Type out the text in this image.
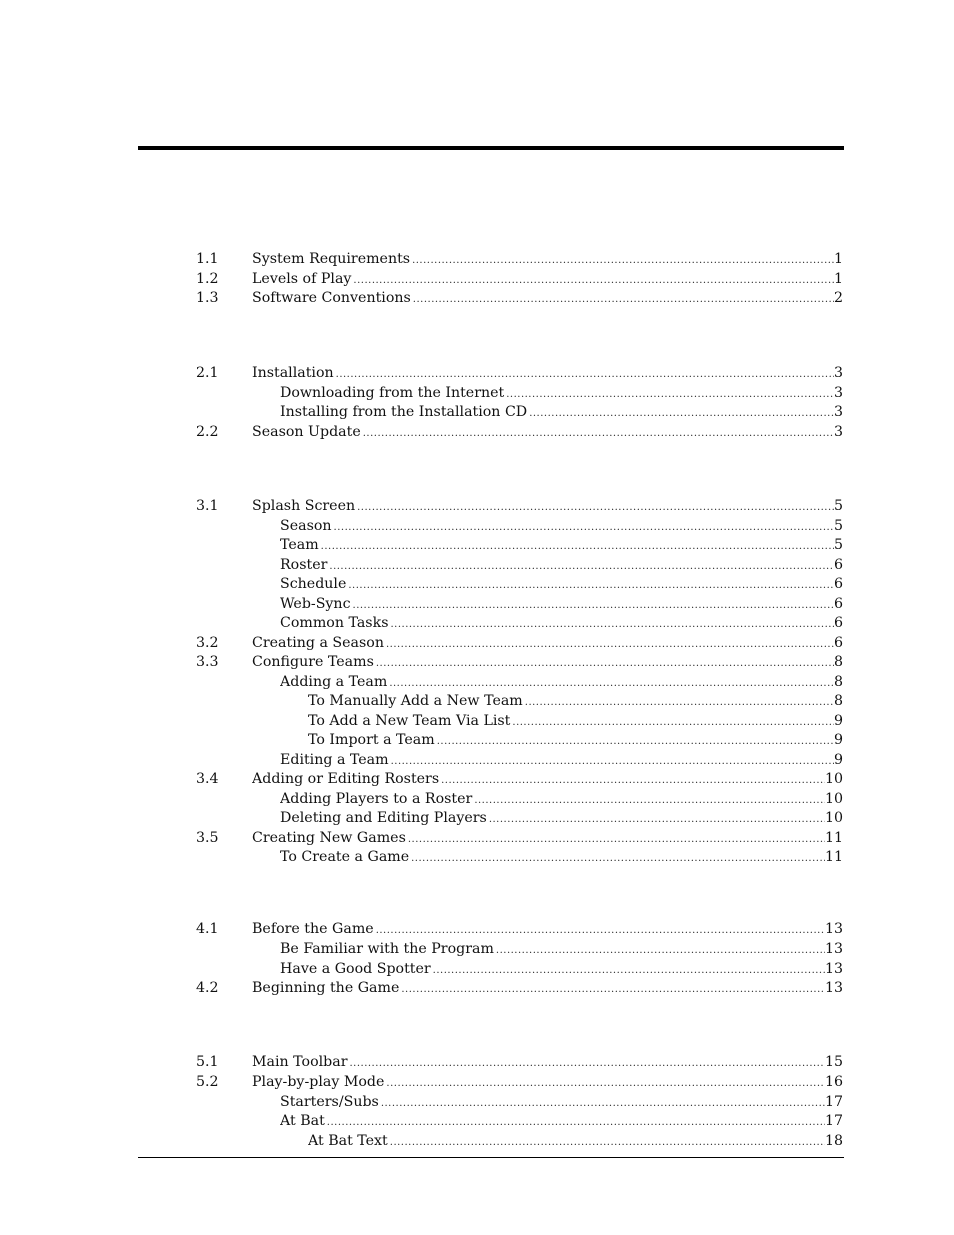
1.1 System Requirements .....	1
1.2 Levels of Play .....	1
1.3 Software Conventions .....	2
2.1 Installation .....	3
Downloading from the Internet .....	3
Installing from the Installation CD .....	3
2.2 Season Update .....	3
3.1 Splash Screen .....	5
Season .....	5
Team .....	5
Roster .....	6
Schedule .....	6
Web-Sync .....	6
Common Tasks .....	6
3.2 Creating a Season .....	6
3.3 Configure Teams .....	8
Adding a Team .....	8
To Manually Add a New Team .....	8
To Add a New Team Via List .....	9
To Import a Team .....	9
Editing a Team .....	9
3.4 Adding or Editing Rosters .....	10
Adding Players to a Roster .....	10
Deleting and Editing Players .....	10
3.5 Creating New Games .....	11
To Create a Game .....	11
4.1 Before the Game .....	13
Be Familiar with the Program .....	13
Have a Good Spotter .....	13
4.2 Beginning the Game .....	13
5.1 Main Toolbar .....	15
5.2 Play-by-play Mode .....	16
Starters/Subs .....	17
At Bat .....	17
At Bat Text .....	18
